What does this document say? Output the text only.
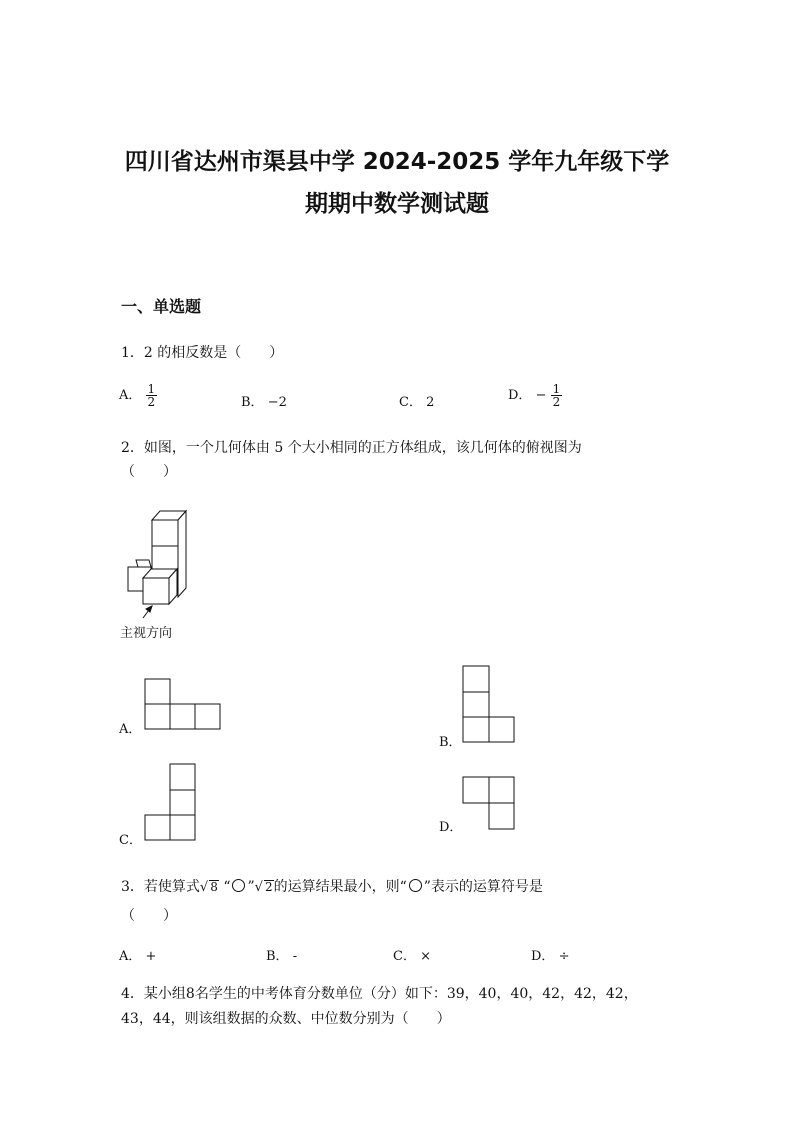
四川省达州市渠县中学 2024-2025 学年九年级下学
期期中数学测试题
一、单选题
1．2 的相反数是（　　）
A． $\frac{1}{2}$	B． −2	C． 2	D． − $\frac{1}{2}$
2．如图，一个几何体由 5 个大小相同的正方体组成，该几何体的俯视图为
（　　）
主视方向
A．
B．
C．
D．
3．若使算式√ 8 “ ”√ 2的运算结果最小，则“ ”表示的运算符号是
（　　）
A． +	B． -	C． ×	D． ÷
4．某小组8名学生的中考体育分数单位（分）如下：39，40，40，42，42，42，
43，44，则该组数据的众数、中位数分别为（　　）
